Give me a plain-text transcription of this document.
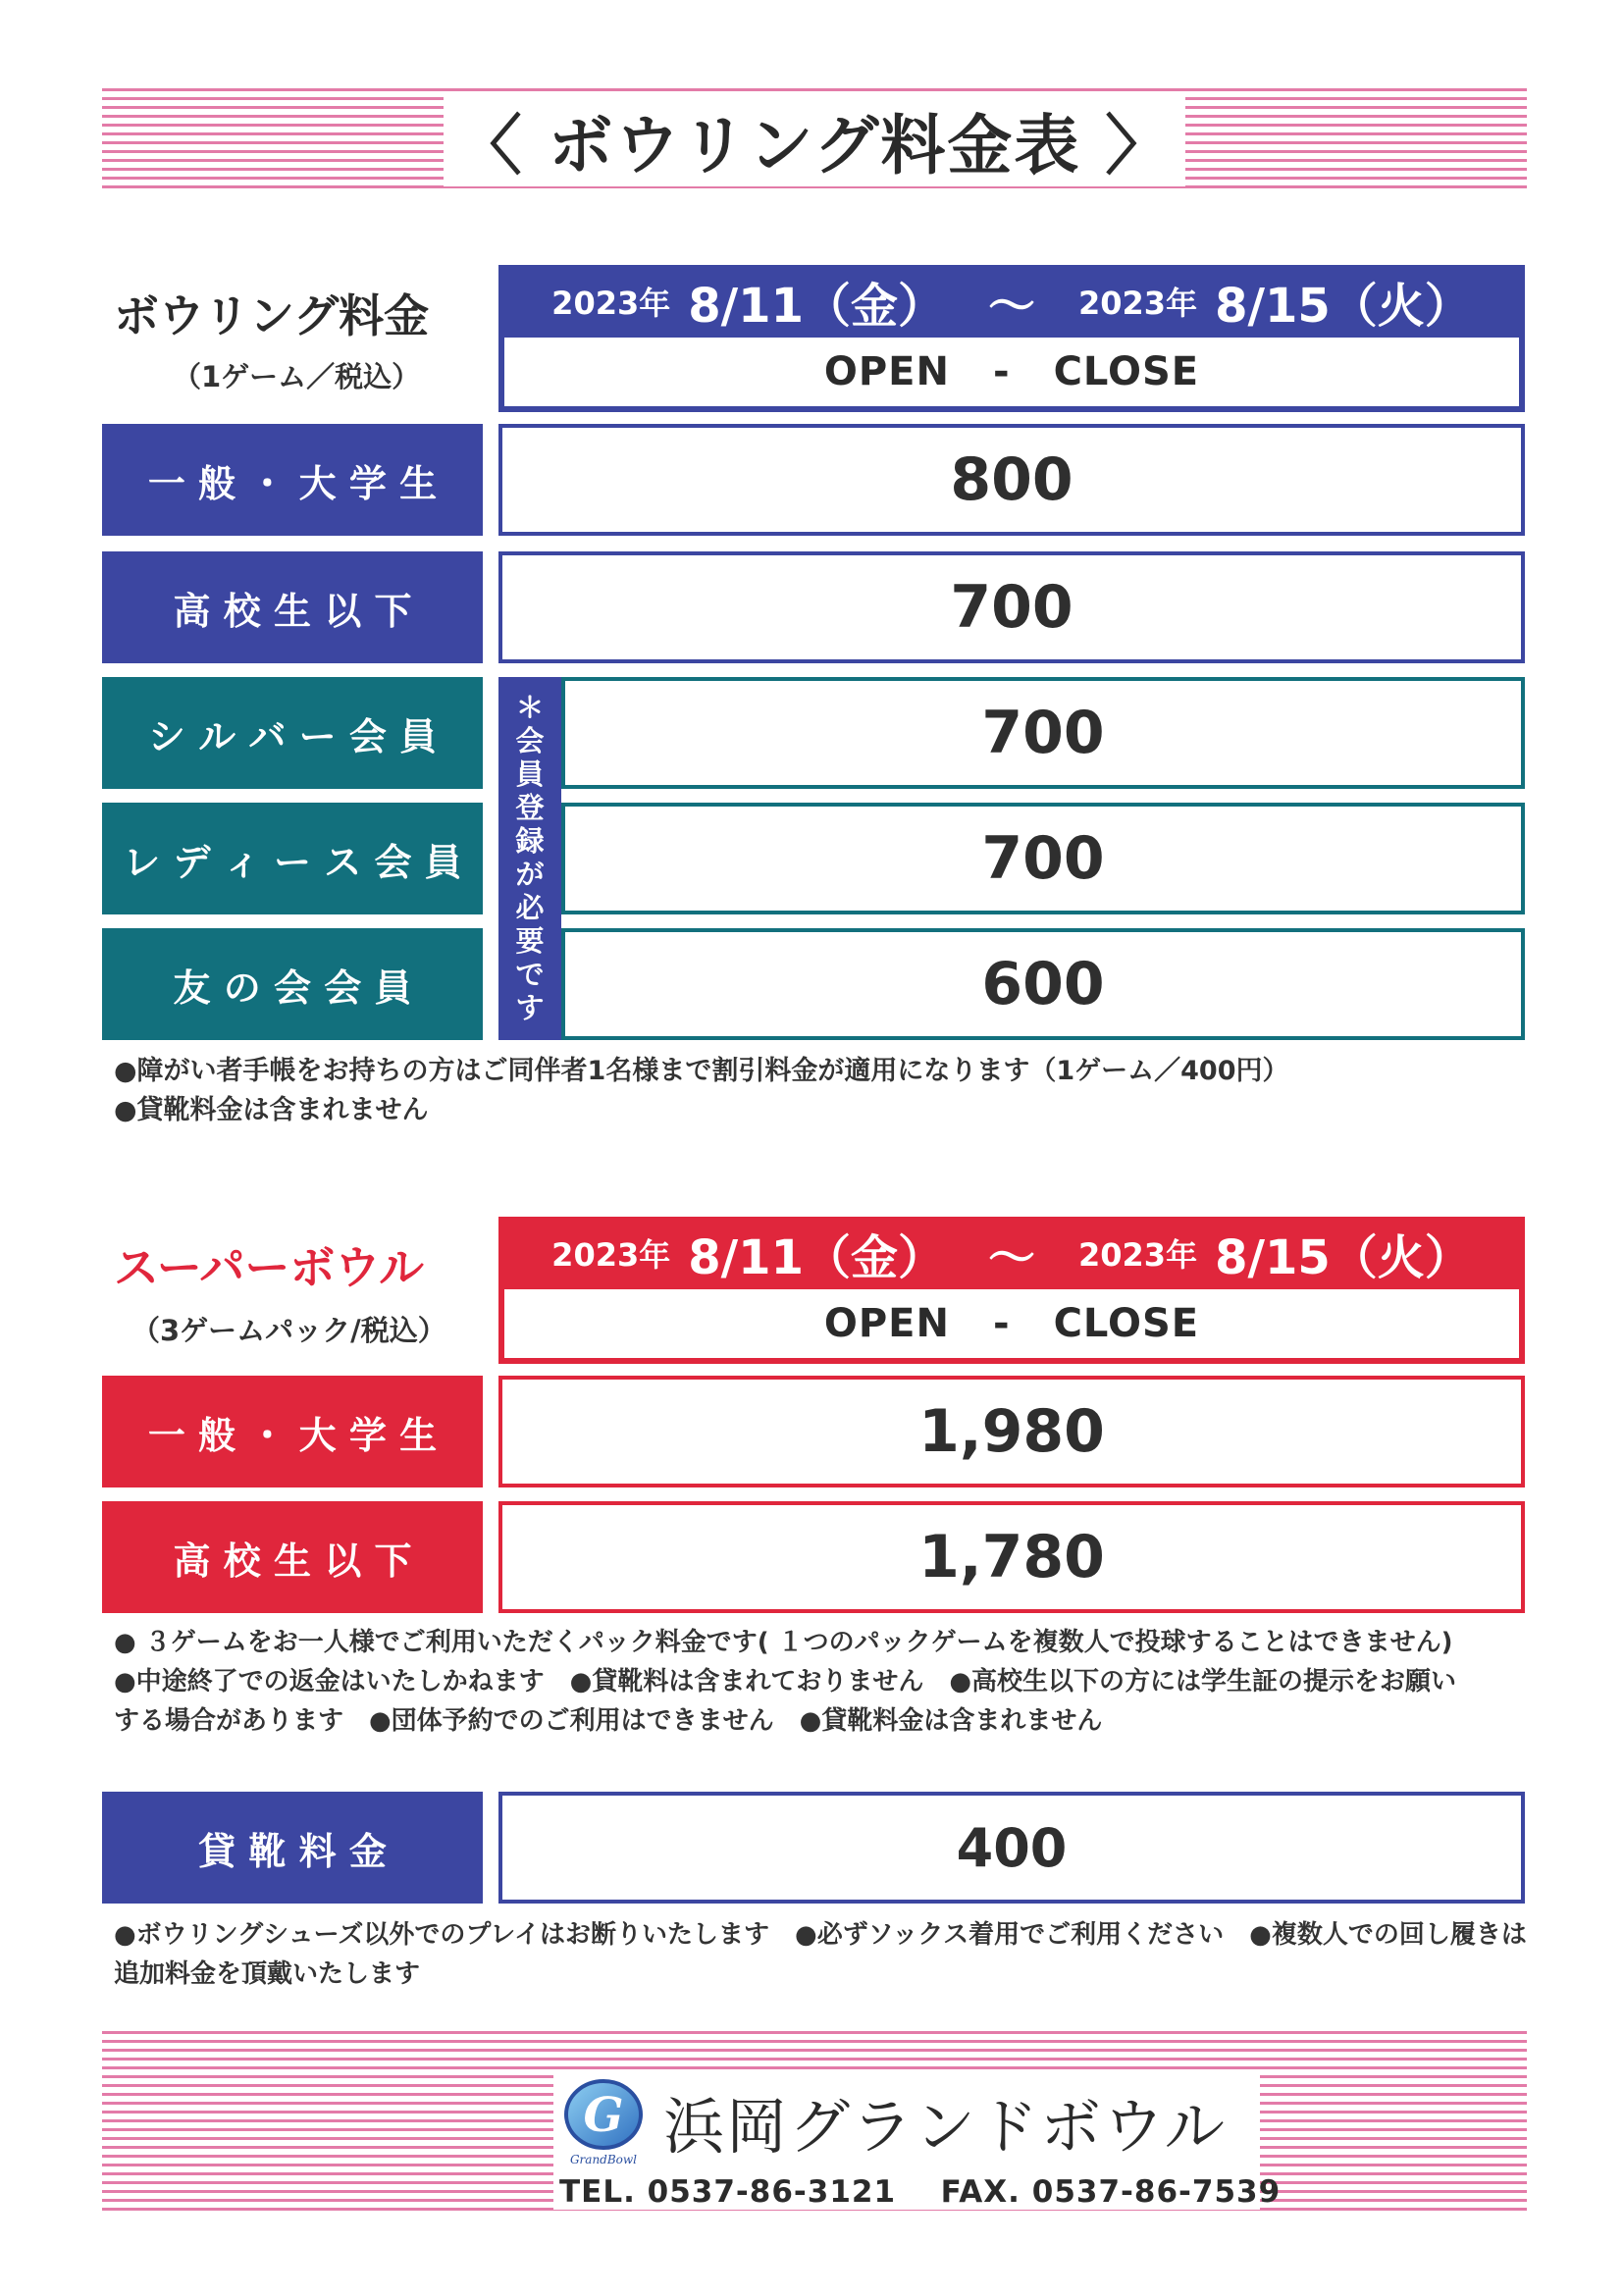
〈 ボウリング料金表 〉
ボウリング料金
（1ゲーム／税込）
2023年 8/11（金） ～ 2023年 8/15（火）
OPEN - CLOSE
一 般 ・ 大 学 生	800
高 校 生 以 下	700
シ ル バ ー 会 員	700
レ デ ィ ー ス 会 員	700
友 の 会 会 員	600
＊
会
員
登
録
が
必
要
で
す
●障がい者手帳をお持ちの方はご同伴者1名様まで割引料金が適用になります（1ゲーム／400円）
●貸靴料金は含まれません
スーパーボウル
（3ゲームパック/税込）
2023年 8/11（金） ～ 2023年 8/15（火）
OPEN - CLOSE
一 般 ・ 大 学 生	1,980
高 校 生 以 下	1,780
● ３ゲームをお一人様でご利用いただくパック料金です( １つのパックゲームを複数人で投球することはできません)
●中途終了での返金はいたしかねます　●貸靴料は含まれておりません　●高校生以下の方には学生証の提示をお願い
する場合があります　●団体予約でのご利用はできません　●貸靴料金は含まれません
貸 靴 料 金	400
●ボウリングシューズ以外でのプレイはお断りいたします　●必ずソックス着用でご利用ください　●複数人での回し履きは
追加料金を頂戴いたします
G
GrandBowl 浜岡グランドボウル
TEL. 0537-86-3121 FAX. 0537-86-7539
